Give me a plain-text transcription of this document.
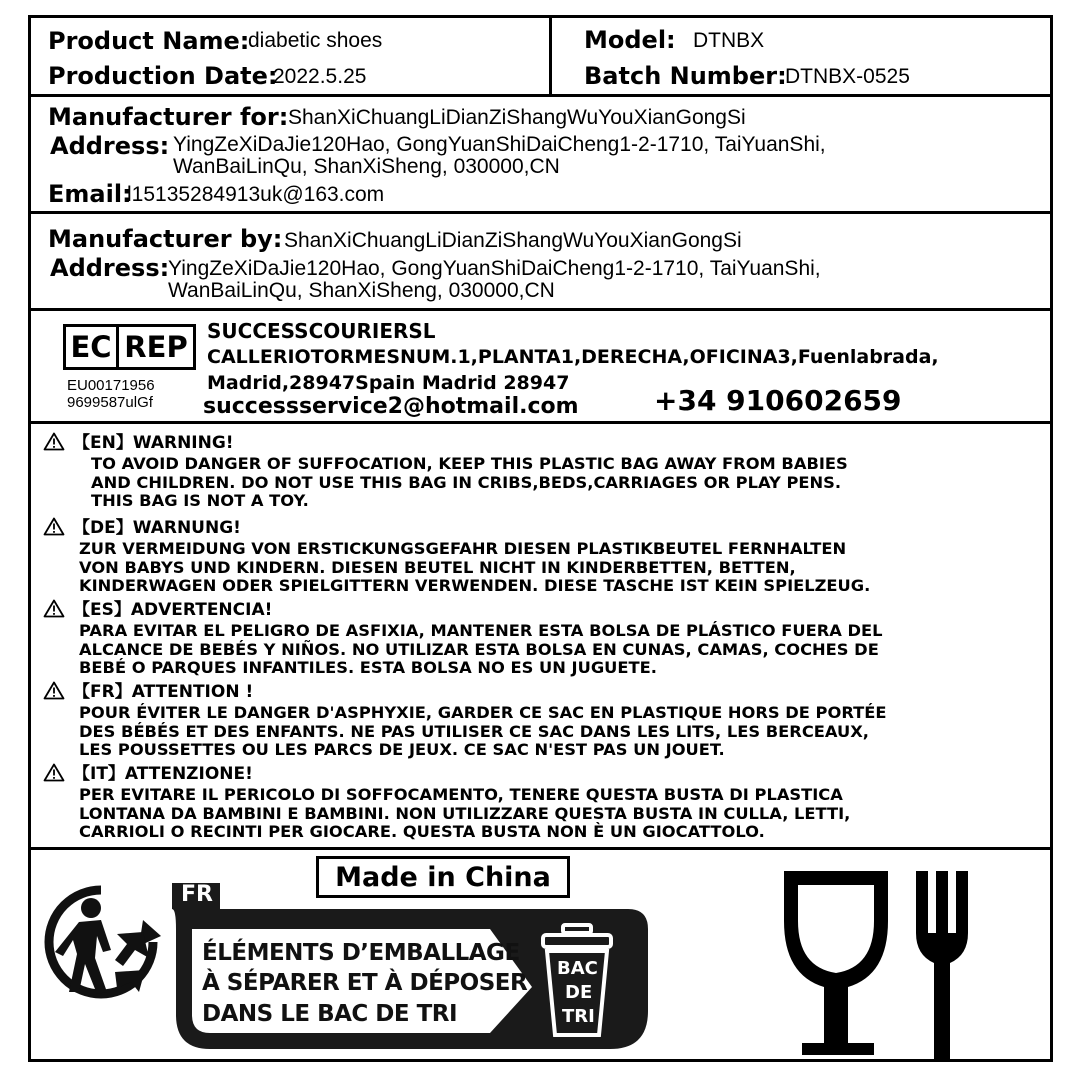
Product Name:
diabetic shoes
Production Date:
2022.5.25
Model: DTNBX
Batch Number:
DTNBX-0525
Manufacturer for: ShanXiChuangLiDianZiShangWuYouXianGongSi
Address: YingZeXiDaJie120Hao, GongYuanShiDaiCheng1-2-1710, TaiYuanShi,
WanBaiLinQu, ShanXiSheng, 030000,CN
Email:
l15135284913uk@163.com
Manufacturer by: ShanXiChuangLiDianZiShangWuYouXianGongSi
Address:
YingZeXiDaJie120Hao, GongYuanShiDaiCheng1-2-1710, TaiYuanShi,
WanBaiLinQu, ShanXiSheng, 030000,CN
EC REP
EU00171956
9699587ulGf
SUCCESSCOURIERSL
CALLERIOTORMESNUM.1,PLANTA1,DERECHA,OFICINA3,Fuenlabrada,
Madrid,28947Spain Madrid 28947
successservice2@hotmail.com	+34 910602659
【EN】WARNING!
TO AVOID DANGER OF SUFFOCATION, KEEP THIS PLASTIC BAG AWAY FROM BABIES
AND CHILDREN. DO NOT USE THIS BAG IN CRIBS,BEDS,CARRIAGES OR PLAY PENS.
THIS BAG IS NOT A TOY.
【DE】WARNUNG!
ZUR VERMEIDUNG VON ERSTICKUNGSGEFAHR DIESEN PLASTIKBEUTEL FERNHALTEN
VON BABYS UND KINDERN. DIESEN BEUTEL NICHT IN KINDERBETTEN, BETTEN,
KINDERWAGEN ODER SPIELGITTERN VERWENDEN. DIESE TASCHE IST KEIN SPIELZEUG.
【ES】ADVERTENCIA!
PARA EVITAR EL PELIGRO DE ASFIXIA, MANTENER ESTA BOLSA DE PLÁSTICO FUERA DEL
ALCANCE DE BEBÉS Y NIÑOS. NO UTILIZAR ESTA BOLSA EN CUNAS, CAMAS, COCHES DE
BEBÉ O PARQUES INFANTILES. ESTA BOLSA NO ES UN JUGUETE.
【FR】ATTENTION !
POUR ÉVITER LE DANGER D'ASPHYXIE, GARDER CE SAC EN PLASTIQUE HORS DE PORTÉE
DES BÉBÉS ET DES ENFANTS. NE PAS UTILISER CE SAC DANS LES LITS, LES BERCEAUX,
LES POUSSETTES OU LES PARCS DE JEUX. CE SAC N'EST PAS UN JOUET.
【IT】ATTENZIONE!
PER EVITARE IL PERICOLO DI SOFFOCAMENTO, TENERE QUESTA BUSTA DI PLASTICA
LONTANA DA BAMBINI E BAMBINI. NON UTILIZZARE QUESTA BUSTA IN CULLA, LETTI,
CARRIOLI O RECINTI PER GIOCARE. QUESTA BUSTA NON È UN GIOCATTOLO.
Made in China
FR
ÉLÉMENTS D’EMBALLAGE
À SÉPARER ET À DÉPOSER
DANS LE BAC DE TRI
BAC
DE
TRI
